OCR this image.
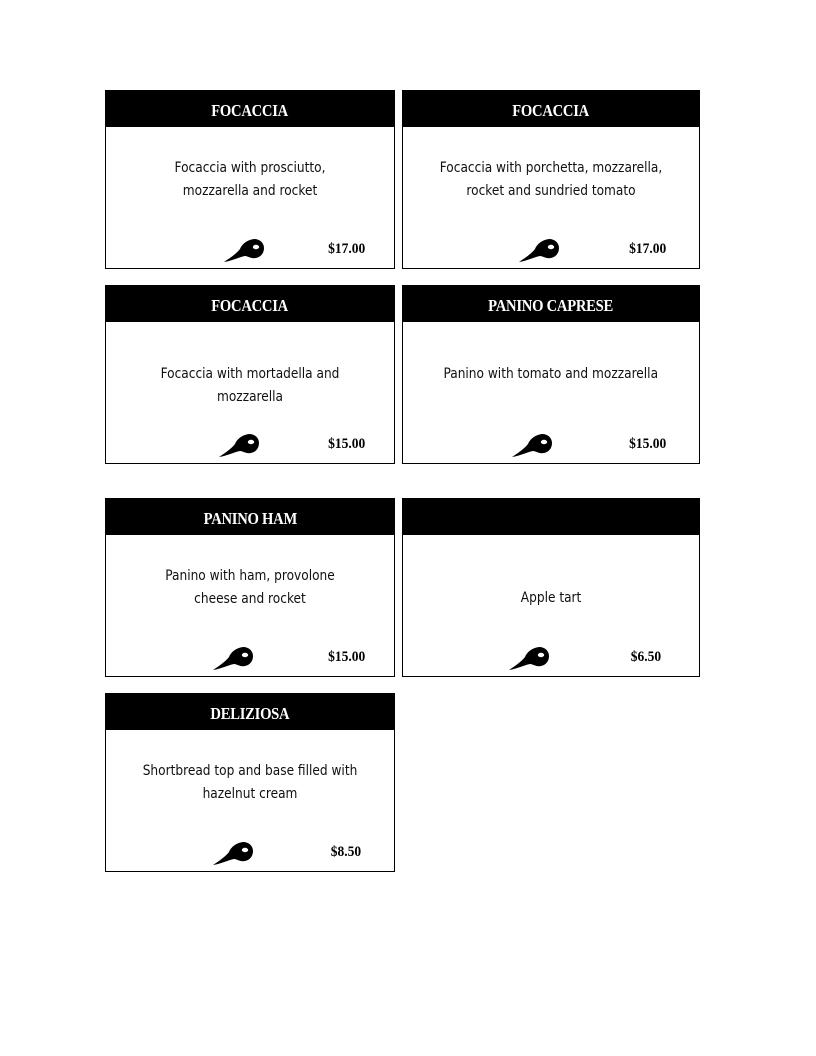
FOCACCIA
Focaccia with prosciutto, mozzarella and rocket
$17.00
FOCACCIA
Focaccia with porchetta, mozzarella, rocket and sundried tomato
$17.00
FOCACCIA
Focaccia with mortadella and mozzarella
$15.00
PANINO CAPRESE
Panino with tomato and mozzarella
$15.00
PANINO HAM
Panino with ham, provolone cheese and rocket
$15.00
Apple tart
$6.50
DELIZIOSA
Shortbread top and base filled with hazelnut cream
$8.50
